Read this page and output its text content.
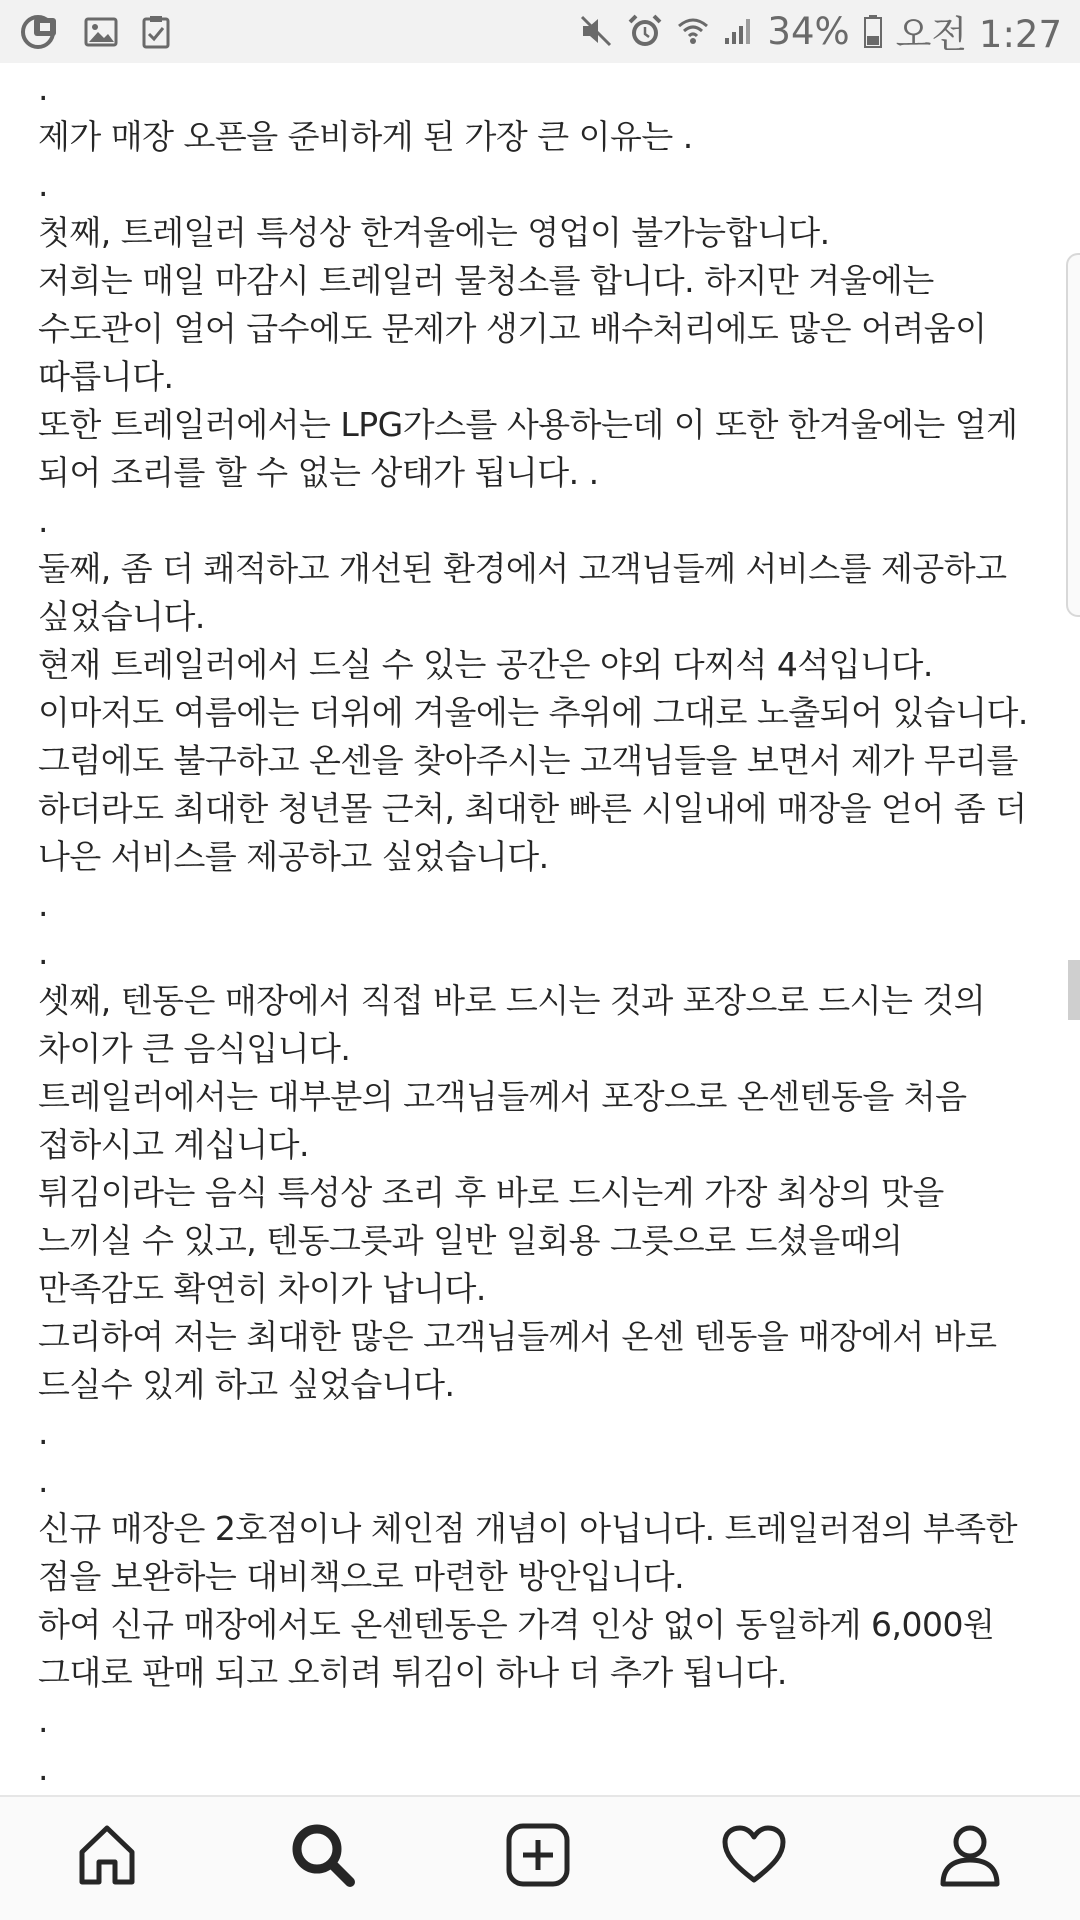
34% 오전 1:27
.
제가 매장 오픈을 준비하게 된 가장 큰 이유는 .
.
첫째, 트레일러 특성상 한겨울에는 영업이 불가능합니다.
저희는 매일 마감시 트레일러 물청소를 합니다. 하지만 겨울에는
수도관이 얼어 급수에도 문제가 생기고 배수처리에도 많은 어려움이
따릅니다.
또한 트레일러에서는 LPG가스를 사용하는데 이 또한 한겨울에는 얼게
되어 조리를 할 수 없는 상태가 됩니다. .
.
둘째, 좀 더 쾌적하고 개선된 환경에서 고객님들께 서비스를 제공하고
싶었습니다.
현재 트레일러에서 드실 수 있는 공간은 야외 다찌석 4석입니다.
이마저도 여름에는 더위에 겨울에는 추위에 그대로 노출되어 있습니다.
그럼에도 불구하고 온센을 찾아주시는 고객님들을 보면서 제가 무리를
하더라도 최대한 청년몰 근처, 최대한 빠른 시일내에 매장을 얻어 좀 더
나은 서비스를 제공하고 싶었습니다.
.
.
셋째, 텐동은 매장에서 직접 바로 드시는 것과 포장으로 드시는 것의
차이가 큰 음식입니다.
트레일러에서는 대부분의 고객님들께서 포장으로 온센텐동을 처음
접하시고 계십니다.
튀김이라는 음식 특성상 조리 후 바로 드시는게 가장 최상의 맛을
느끼실 수 있고, 텐동그릇과 일반 일회용 그릇으로 드셨을때의
만족감도 확연히 차이가 납니다.
그리하여 저는 최대한 많은 고객님들께서 온센 텐동을 매장에서 바로
드실수 있게 하고 싶었습니다.
.
.
신규 매장은 2호점이나 체인점 개념이 아닙니다. 트레일러점의 부족한
점을 보완하는 대비책으로 마련한 방안입니다.
하여 신규 매장에서도 온센텐동은 가격 인상 없이 동일하게 6,000원
그대로 판매 되고 오히려 튀김이 하나 더 추가 됩니다.
.
.
